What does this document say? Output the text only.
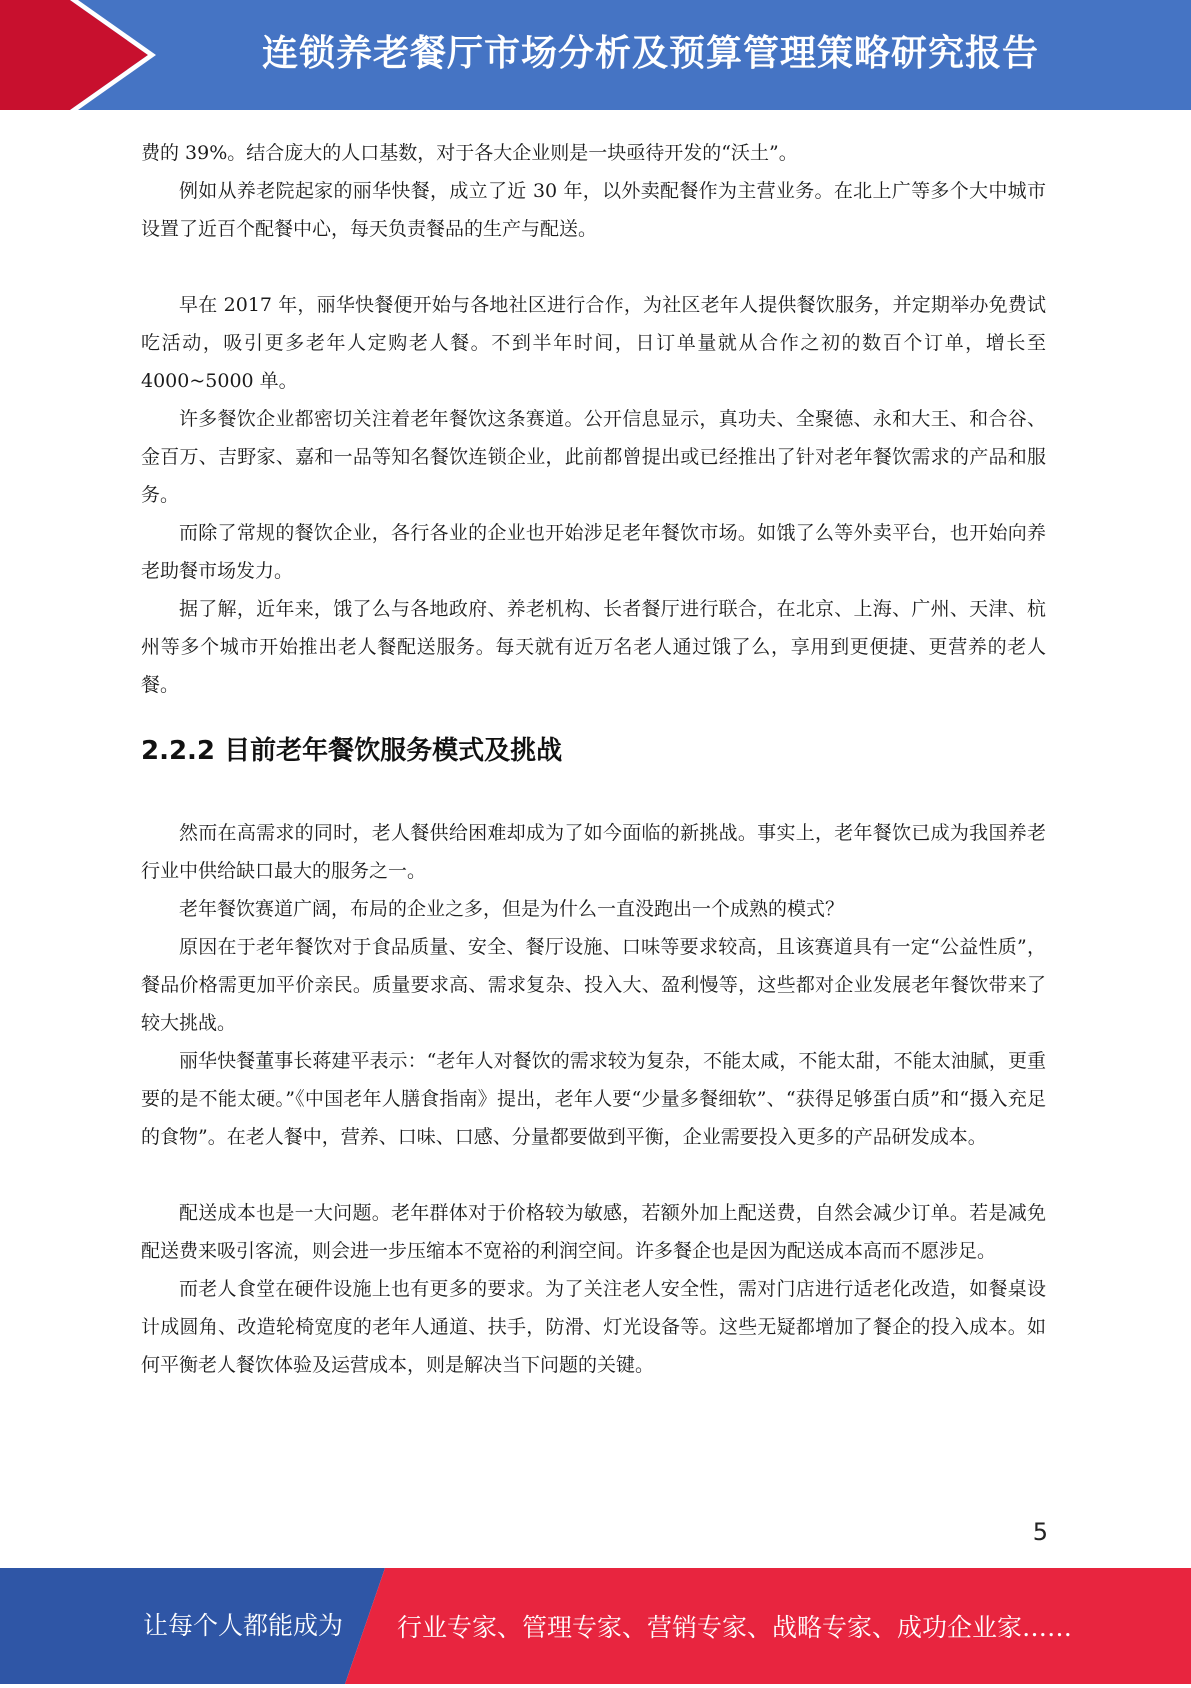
连锁养老餐厅市场分析及预算管理策略研究报告

费的 39%。结合庞大的人口基数，对于各大企业则是一块亟待开发的“沃土”。

例如从养老院起家的丽华快餐，成立了近 30 年，以外卖配餐作为主营业务。在北上广等多个大中城市设置了近百个配餐中心，每天负责餐品的生产与配送。

早在 2017 年，丽华快餐便开始与各地社区进行合作，为社区老年人提供餐饮服务，并定期举办免费试吃活动，吸引更多老年人定购老人餐。不到半年时间，日订单量就从合作之初的数百个订单，增长至 4000~5000 单。

许多餐饮企业都密切关注着老年餐饮这条赛道。公开信息显示，真功夫、全聚德、永和大王、和合谷、金百万、吉野家、嘉和一品等知名餐饮连锁企业，此前都曾提出或已经推出了针对老年餐饮需求的产品和服务。

而除了常规的餐饮企业，各行各业的企业也开始涉足老年餐饮市场。如饿了么等外卖平台，也开始向养老助餐市场发力。

据了解，近年来，饿了么与各地政府、养老机构、长者餐厅进行联合，在北京、上海、广州、天津、杭州等多个城市开始推出老人餐配送服务。每天就有近万名老人通过饿了么，享用到更便捷、更营养的老人餐。

2.2.2 目前老年餐饮服务模式及挑战

然而在高需求的同时，老人餐供给困难却成为了如今面临的新挑战。事实上，老年餐饮已成为我国养老行业中供给缺口最大的服务之一。

老年餐饮赛道广阔，布局的企业之多，但是为什么一直没跑出一个成熟的模式？

原因在于老年餐饮对于食品质量、安全、餐厅设施、口味等要求较高，且该赛道具有一定“公益性质”，餐品价格需更加平价亲民。质量要求高、需求复杂、投入大、盈利慢等，这些都对企业发展老年餐饮带来了较大挑战。

丽华快餐董事长蒋建平表示：“老年人对餐饮的需求较为复杂，不能太咸，不能太甜，不能太油腻，更重要的是不能太硬。”《中国老年人膳食指南》提出，老年人要“少量多餐细软”、“获得足够蛋白质”和“摄入充足的食物”。在老人餐中，营养、口味、口感、分量都要做到平衡，企业需要投入更多的产品研发成本。

配送成本也是一大问题。老年群体对于价格较为敏感，若额外加上配送费，自然会减少订单。若是减免配送费来吸引客流，则会进一步压缩本不宽裕的利润空间。许多餐企也是因为配送成本高而不愿涉足。

而老人食堂在硬件设施上也有更多的要求。为了关注老人安全性，需对门店进行适老化改造，如餐桌设计成圆角、改造轮椅宽度的老年人通道、扶手，防滑、灯光设备等。这些无疑都增加了餐企的投入成本。如何平衡老人餐饮体验及运营成本，则是解决当下问题的关键。

5
让每个人都能成为 行业专家、管理专家、营销专家、战略专家、成功企业家……
